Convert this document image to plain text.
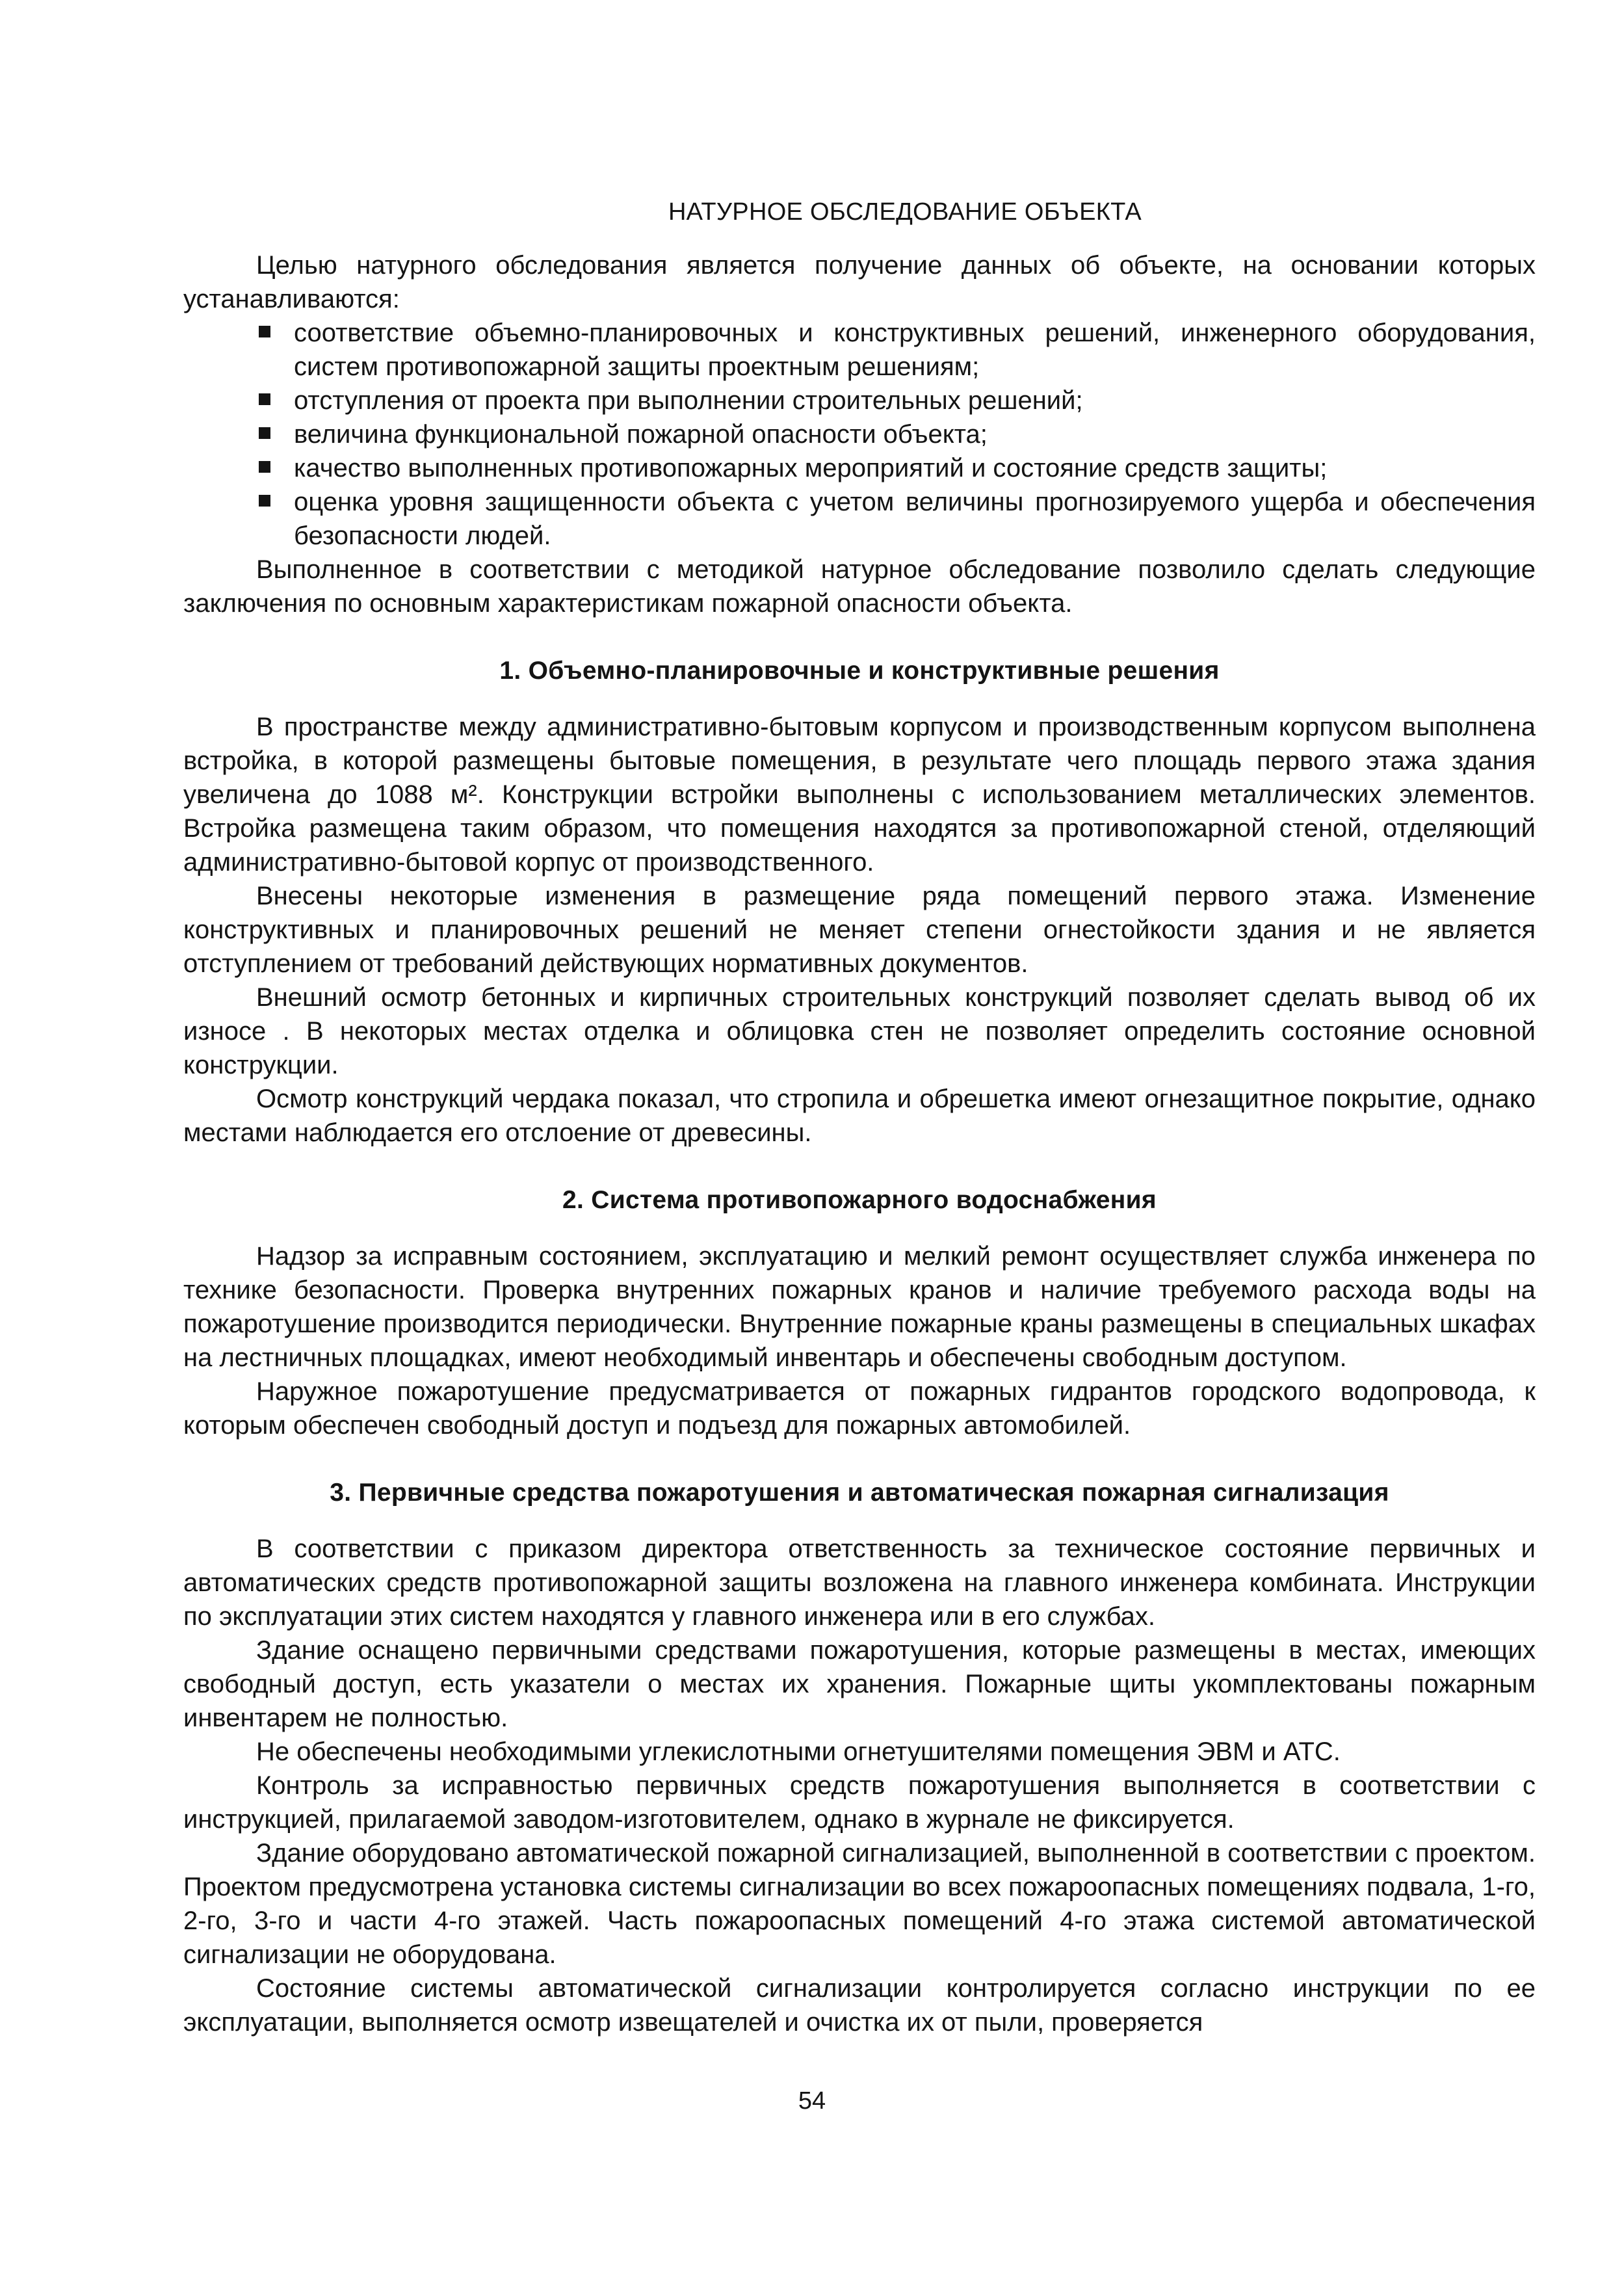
НАТУРНОЕ ОБСЛЕДОВАНИЕ ОБЪЕКТА

Целью натурного обследования является получение данных об объекте, на основании которых устанавливаются:

соответствие объемно-планировочных и конструктивных решений, инженерного оборудования, систем противопожарной защиты проектным решениям;
отступления от проекта при выполнении строительных решений;
величина функциональной пожарной опасности объекта;
качество выполненных противопожарных мероприятий и состояние средств защиты;
оценка уровня защищенности объекта с учетом величины прогнозируемого ущерба и обеспечения безопасности людей.

Выполненное в соответствии с методикой натурное обследование позволило сделать следующие заключения по основным характеристикам пожарной опасности объекта.

1. Объемно-планировочные и конструктивные решения

В пространстве между административно-бытовым корпусом и производственным корпусом выполнена встройка, в которой размещены бытовые помещения, в результате чего площадь первого этажа здания увеличена до 1088 м². Конструкции встройки выполнены с использованием металлических элементов. Встройка размещена таким образом, что помещения находятся за противопожарной стеной, отделяющий административно-бытовой корпус от производственного.

Внесены некоторые изменения в размещение ряда помещений первого этажа. Изменение конструктивных и планировочных решений не меняет степени огнестойкости здания и не является отступлением от требований действующих нормативных документов.

Внешний осмотр бетонных и кирпичных строительных конструкций позволяет сделать вывод об их износе . В некоторых местах отделка и облицовка стен не позволяет определить состояние основной конструкции.

Осмотр конструкций чердака показал, что стропила и обрешетка имеют огнезащитное покрытие, однако местами наблюдается его отслоение от древесины.

2. Система противопожарного водоснабжения

Надзор за исправным состоянием, эксплуатацию и мелкий ремонт осуществляет служба инженера по технике безопасности. Проверка внутренних пожарных кранов и наличие требуемого расхода воды на пожаротушение производится периодически. Внутренние пожарные краны размещены в специальных шкафах на лестничных площадках, имеют необходимый инвентарь и обеспечены свободным доступом.

Наружное пожаротушение предусматривается от пожарных гидрантов городского водопровода, к которым обеспечен свободный доступ и подъезд для пожарных автомобилей.

3. Первичные средства пожаротушения и автоматическая пожарная сигнализация

В соответствии с приказом директора ответственность за техническое состояние первичных и автоматических средств противопожарной защиты возложена на главного инженера комбината. Инструкции по эксплуатации этих систем находятся у главного инженера или в его службах.

Здание оснащено первичными средствами пожаротушения, которые размещены в местах, имеющих свободный доступ, есть указатели о местах их хранения. Пожарные щиты укомплектованы пожарным инвентарем не полностью.

Не обеспечены необходимыми углекислотными огнетушителями помещения ЭВМ и АТС.

Контроль за исправностью первичных средств пожаротушения выполняется в соответствии с инструкцией, прилагаемой заводом-изготовителем, однако в журнале не фиксируется.

Здание оборудовано автоматической пожарной сигнализацией, выполненной в соответствии с проектом. Проектом предусмотрена установка системы сигнализации во всех пожароопасных помещениях подвала, 1-го, 2-го, 3-го и части 4-го этажей. Часть пожароопасных помещений 4-го этажа системой автоматической сигнализации не оборудована.

Состояние системы автоматической сигнализации контролируется согласно инструкции по ее эксплуатации, выполняется осмотр извещателей и очистка их от пыли, проверяется

54
